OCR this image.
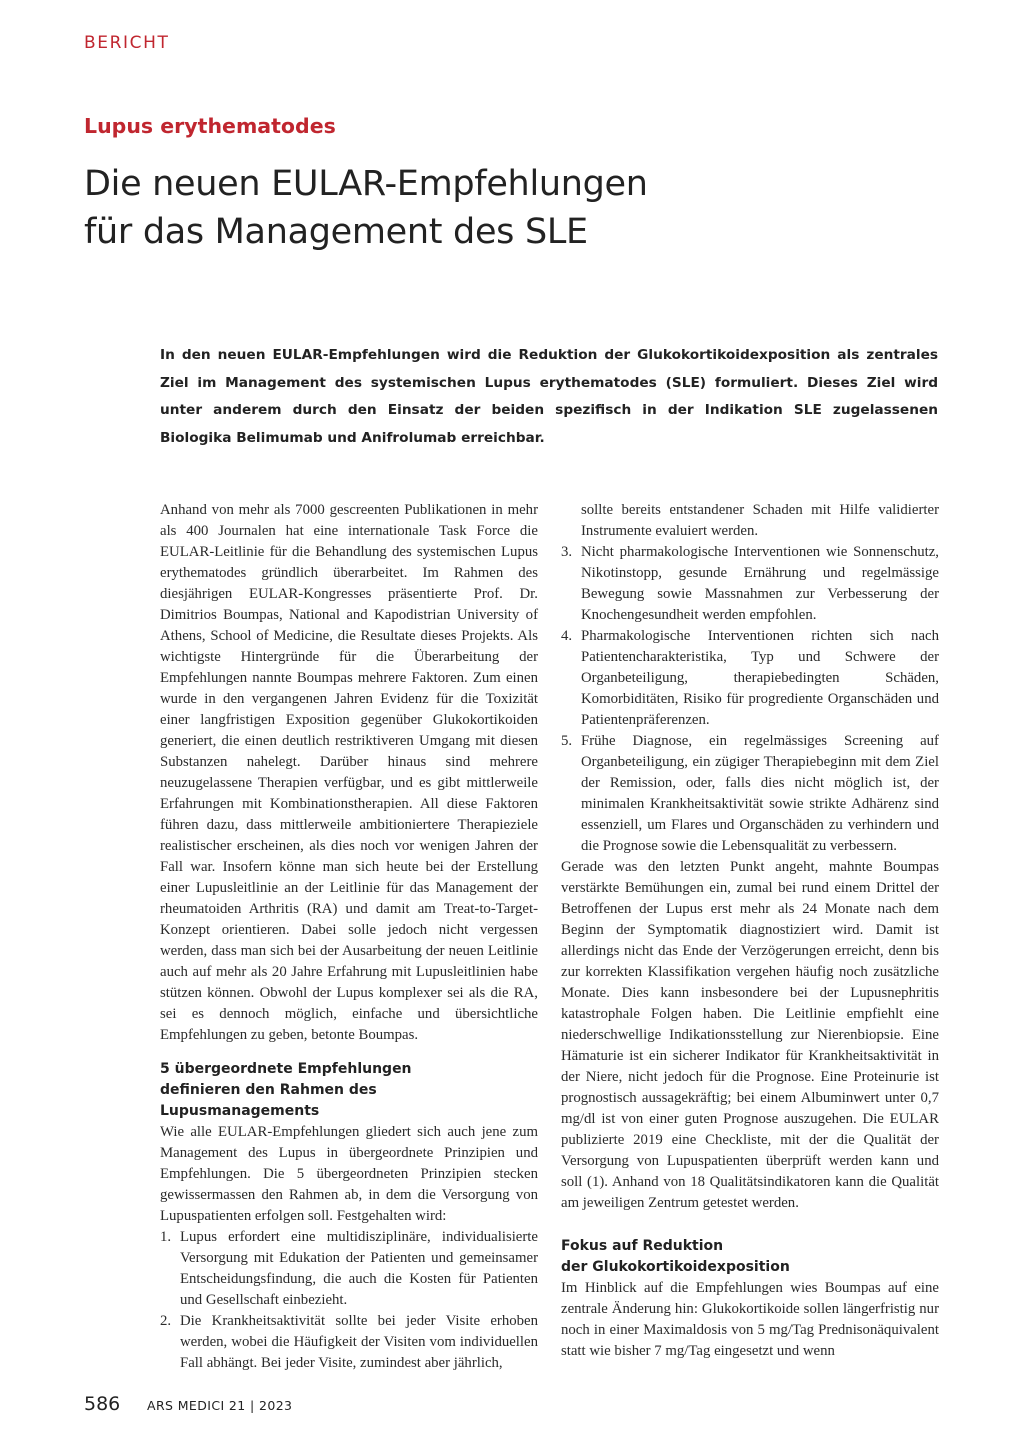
BERICHT
Lupus erythematodes
Die neuen EULAR-Empfehlungen
für das Management des SLE

In den neuen EULAR-Empfehlungen wird die Reduktion der Glukokortikoidexposition als zentrales Ziel im Management des systemischen Lupus erythematodes (SLE) formuliert. Dieses Ziel wird unter anderem durch den Einsatz der beiden spezifisch in der Indikation SLE zugelassenen Biologika Belimumab und Anifrolumab erreichbar.

Anhand von mehr als 7000 gescreenten Publikationen in mehr als 400 Journalen hat eine internationale Task Force die EULAR-Leitlinie für die Behandlung des systemischen Lupus erythematodes gründlich überarbeitet. Im Rahmen des diesjährigen EULAR-Kongresses präsentierte Prof. Dr. Dimitrios Boumpas, National and Kapodistrian University of Athens, School of Medicine, die Resultate dieses Projekts. Als wichtigste Hintergründe für die Überarbeitung der Empfehlungen nannte Boumpas mehrere Faktoren. Zum einen wurde in den vergangenen Jahren Evidenz für die Toxizität einer langfristigen Exposition gegenüber Glukokortikoiden generiert, die einen deutlich restriktiveren Umgang mit diesen Substanzen nahelegt. Darüber hinaus sind mehrere neuzugelassene Therapien verfügbar, und es gibt mittlerweile Erfahrungen mit Kombinationstherapien. All diese Faktoren führen dazu, dass mittlerweile ambitioniertere Therapieziele realistischer erscheinen, als dies noch vor wenigen Jahren der Fall war. Insofern könne man sich heute bei der Erstellung einer Lupusleitlinie an der Leitlinie für das Management der rheumatoiden Arthritis (RA) und damit am Treat-to-Target-Konzept orientieren. Dabei solle jedoch nicht vergessen werden, dass man sich bei der Ausarbeitung der neuen Leitlinie auch auf mehr als 20 Jahre Erfahrung mit Lupusleitlinien habe stützen können. Obwohl der Lupus komplexer sei als die RA, sei es dennoch möglich, einfache und übersichtliche Empfehlungen zu geben, betonte Boumpas.

5 übergeordnete Empfehlungen
definieren den Rahmen des Lupusmanagements

Wie alle EULAR-Empfehlungen gliedert sich auch jene zum Management des Lupus in übergeordnete Prinzipien und Empfehlungen. Die 5 übergeordneten Prinzipien stecken gewissermassen den Rahmen ab, in dem die Versorgung von Lupuspatienten erfolgen soll. Festgehalten wird:

1. Lupus erfordert eine multidisziplinäre, individualisierte Versorgung mit Edukation der Patienten und gemeinsamer Entscheidungsfindung, die auch die Kosten für Patienten und Gesellschaft einbezieht.
2. Die Krankheitsaktivität sollte bei jeder Visite erhoben werden, wobei die Häufigkeit der Visiten vom individuellen Fall abhängt. Bei jeder Visite, zumindest aber jährlich,

sollte bereits entstandener Schaden mit Hilfe validierter Instrumente evaluiert werden.

3. Nicht pharmakologische Interventionen wie Sonnenschutz, Nikotinstopp, gesunde Ernährung und regelmässige Bewegung sowie Massnahmen zur Verbesserung der Knochengesundheit werden empfohlen.
4. Pharmakologische Interventionen richten sich nach Patientencharakteristika, Typ und Schwere der Organbeteiligung, therapiebedingten Schäden, Komorbiditäten, Risiko für progrediente Organschäden und Patientenpräferenzen.
5. Frühe Diagnose, ein regelmässiges Screening auf Organbeteiligung, ein zügiger Therapiebeginn mit dem Ziel der Remission, oder, falls dies nicht möglich ist, der minimalen Krankheitsaktivität sowie strikte Adhärenz sind essenziell, um Flares und Organschäden zu verhindern und die Prognose sowie die Lebensqualität zu verbessern.

Gerade was den letzten Punkt angeht, mahnte Boumpas verstärkte Bemühungen ein, zumal bei rund einem Drittel der Betroffenen der Lupus erst mehr als 24 Monate nach dem Beginn der Symptomatik diagnostiziert wird. Damit ist allerdings nicht das Ende der Verzögerungen erreicht, denn bis zur korrekten Klassifikation vergehen häufig noch zusätzliche Monate. Dies kann insbesondere bei der Lupusnephritis katastrophale Folgen haben. Die Leitlinie empfiehlt eine niederschwellige Indikationsstellung zur Nierenbiopsie. Eine Hämaturie ist ein sicherer Indikator für Krankheitsaktivität in der Niere, nicht jedoch für die Prognose. Eine Proteinurie ist prognostisch aussagekräftig; bei einem Albuminwert unter 0,7 mg/dl ist von einer guten Prognose auszugehen. Die EULAR publizierte 2019 eine Checkliste, mit der die Qualität der Versorgung von Lupuspatienten überprüft werden kann und soll (1). Anhand von 18 Qualitätsindikatoren kann die Qualität am jeweiligen Zentrum getestet werden.

Fokus auf Reduktion
der Glukokortikoidexposition

Im Hinblick auf die Empfehlungen wies Boumpas auf eine zentrale Änderung hin: Glukokortikoide sollen längerfristig nur noch in einer Maximaldosis von 5 mg/Tag Prednisonäquivalent statt wie bisher 7 mg/Tag eingesetzt und wenn

586 ARS MEDICI 21 | 2023
